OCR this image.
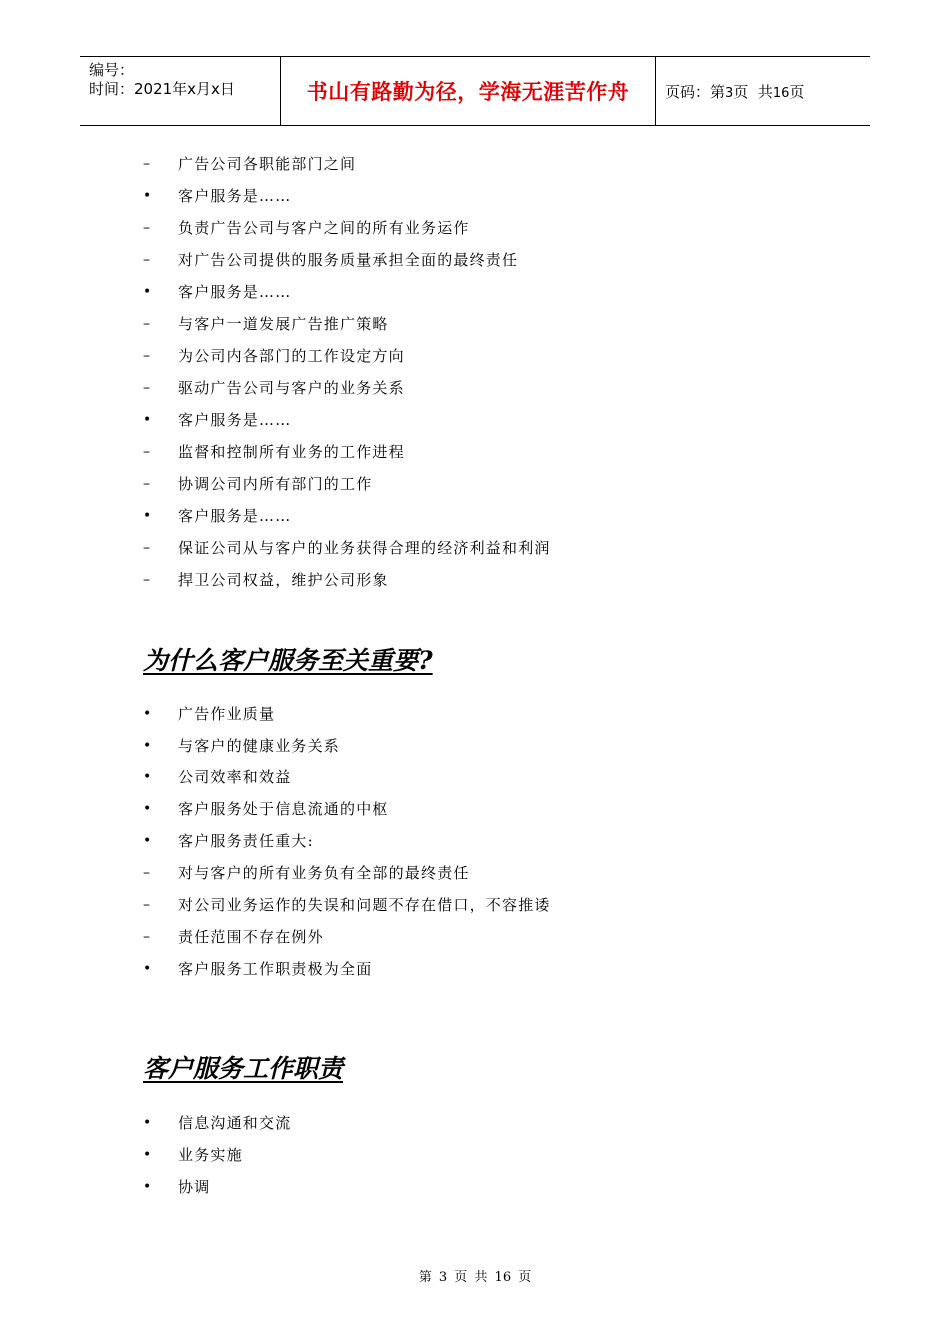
编号：
时间：2021年x月x日	书山有路勤为径，学海无涯苦作舟	页码：第3页  共16页
–	广告公司各职能部门之间
• 客户服务是……
–	负责广告公司与客户之间的所有业务运作
–	对广告公司提供的服务质量承担全面的最终责任
• 客户服务是……
–	与客户一道发展广告推广策略
–	为公司内各部门的工作设定方向
–	驱动广告公司与客户的业务关系
• 客户服务是……
–	监督和控制所有业务的工作进程
–	协调公司内所有部门的工作
• 客户服务是……
–	保证公司从与客户的业务获得合理的经济利益和利润
–	捍卫公司权益，维护公司形象
为什么客户服务至关重要?
• 广告作业质量
• 与客户的健康业务关系
• 公司效率和效益
• 客户服务处于信息流通的中枢
• 客户服务责任重大:
–	对与客户的所有业务负有全部的最终责任
–	对公司业务运作的失误和问题不存在借口，不容推诿
–	责任范围不存在例外
• 客户服务工作职责极为全面
客户服务工作职责
• 信息沟通和交流
• 业务实施
• 协调
第 3 页 共 16 页
